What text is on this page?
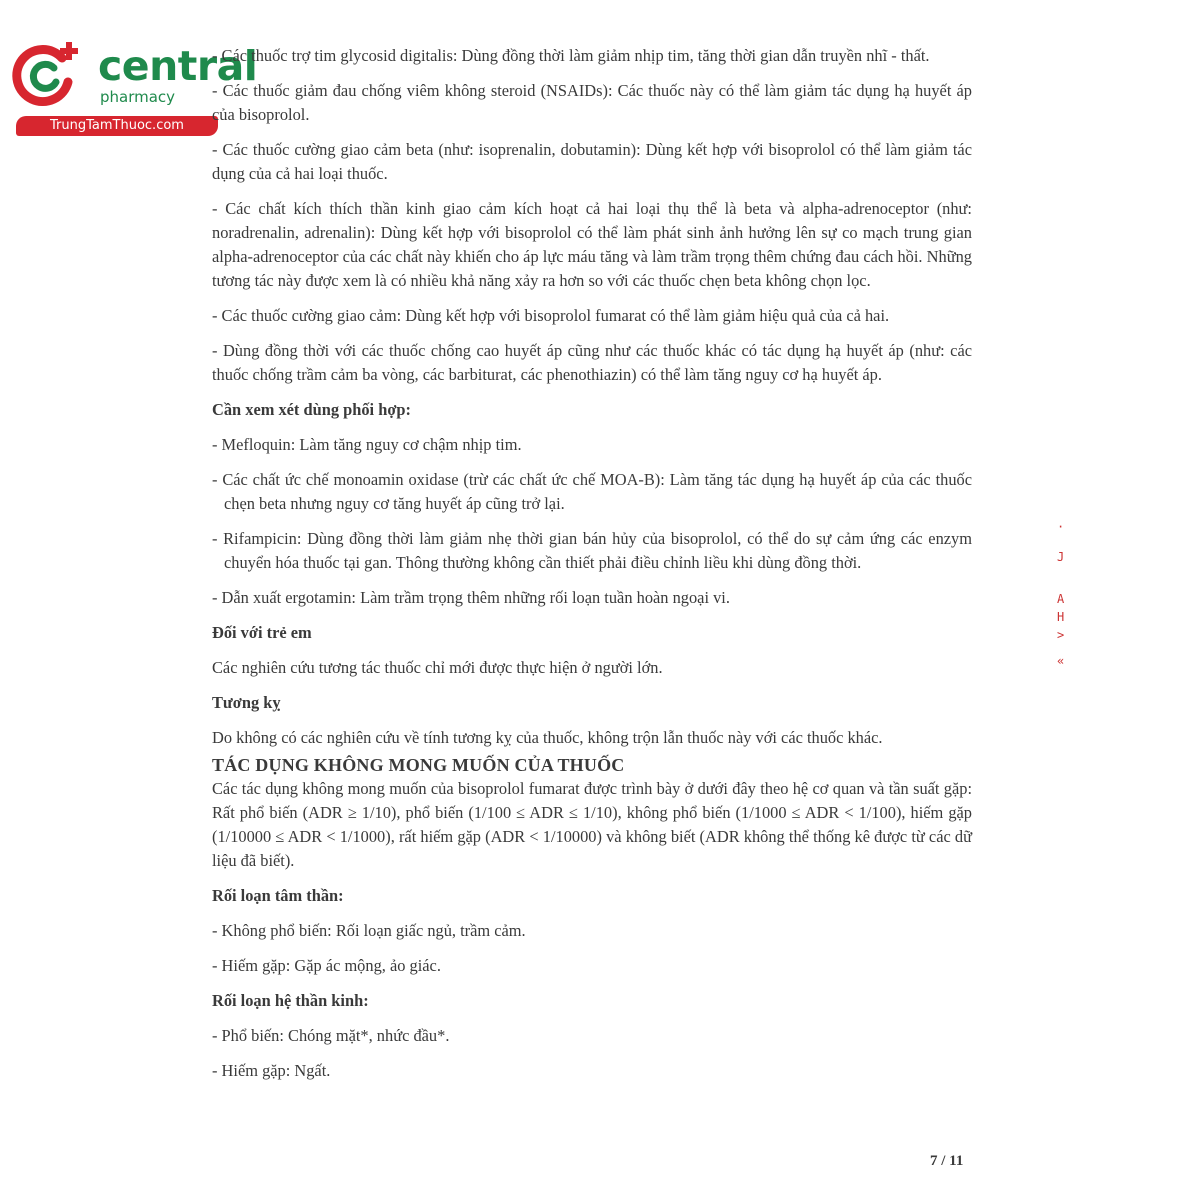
central
pharmacy
TrungTamThuoc.com

- Các thuốc trợ tim glycosid digitalis: Dùng đồng thời làm giảm nhịp tim, tăng thời gian dẫn truyền nhĩ - thất.

- Các thuốc giảm đau chống viêm không steroid (NSAIDs): Các thuốc này có thể làm giảm tác dụng hạ huyết áp của bisoprolol.

- Các thuốc cường giao cảm beta (như: isoprenalin, dobutamin): Dùng kết hợp với bisoprolol có thể làm giảm tác dụng của cả hai loại thuốc.

- Các chất kích thích thần kinh giao cảm kích hoạt cả hai loại thụ thể là beta và alpha-adrenoceptor (như: noradrenalin, adrenalin): Dùng kết hợp với bisoprolol có thể làm phát sinh ảnh hưởng lên sự co mạch trung gian alpha-adrenoceptor của các chất này khiến cho áp lực máu tăng và làm trầm trọng thêm chứng đau cách hồi. Những tương tác này được xem là có nhiều khả năng xảy ra hơn so với các thuốc chẹn beta không chọn lọc.

- Các thuốc cường giao cảm: Dùng kết hợp với bisoprolol fumarat có thể làm giảm hiệu quả của cả hai.

- Dùng đồng thời với các thuốc chống cao huyết áp cũng như các thuốc khác có tác dụng hạ huyết áp (như: các thuốc chống trầm cảm ba vòng, các barbiturat, các phenothiazin) có thể làm tăng nguy cơ hạ huyết áp.

Cần xem xét dùng phối hợp:

- Mefloquin: Làm tăng nguy cơ chậm nhịp tim.

- Các chất ức chế monoamin oxidase (trừ các chất ức chế MOA-B): Làm tăng tác dụng hạ huyết áp của các thuốc chẹn beta nhưng nguy cơ tăng huyết áp cũng trở lại.

- Rifampicin: Dùng đồng thời làm giảm nhẹ thời gian bán hủy của bisoprolol, có thể do sự cảm ứng các enzym chuyển hóa thuốc tại gan. Thông thường không cần thiết phải điều chỉnh liều khi dùng đồng thời.

- Dẫn xuất ergotamin: Làm trầm trọng thêm những rối loạn tuần hoàn ngoại vi.

Đối với trẻ em

Các nghiên cứu tương tác thuốc chỉ mới được thực hiện ở người lớn.

Tương kỵ

Do không có các nghiên cứu về tính tương kỵ của thuốc, không trộn lẫn thuốc này với các thuốc khác.

TÁC DỤNG KHÔNG MONG MUỐN CỦA THUỐC

Các tác dụng không mong muốn của bisoprolol fumarat được trình bày ở dưới đây theo hệ cơ quan và tần suất gặp: Rất phổ biến (ADR ≥ 1/10), phổ biến (1/100 ≤ ADR ≤ 1/10), không phổ biến (1/1000 ≤ ADR < 1/100), hiếm gặp (1/10000 ≤ ADR < 1/1000), rất hiếm gặp (ADR < 1/10000) và không biết (ADR không thể thống kê được từ các dữ liệu đã biết).

Rối loạn tâm thần:

- Không phổ biến: Rối loạn giấc ngủ, trầm cảm.

- Hiếm gặp: Gặp ác mộng, ảo giác.

Rối loạn hệ thần kinh:

- Phổ biến: Chóng mặt*, nhức đầu*.

- Hiếm gặp: Ngất.

·
J
A
H
>
«
7 / 11
